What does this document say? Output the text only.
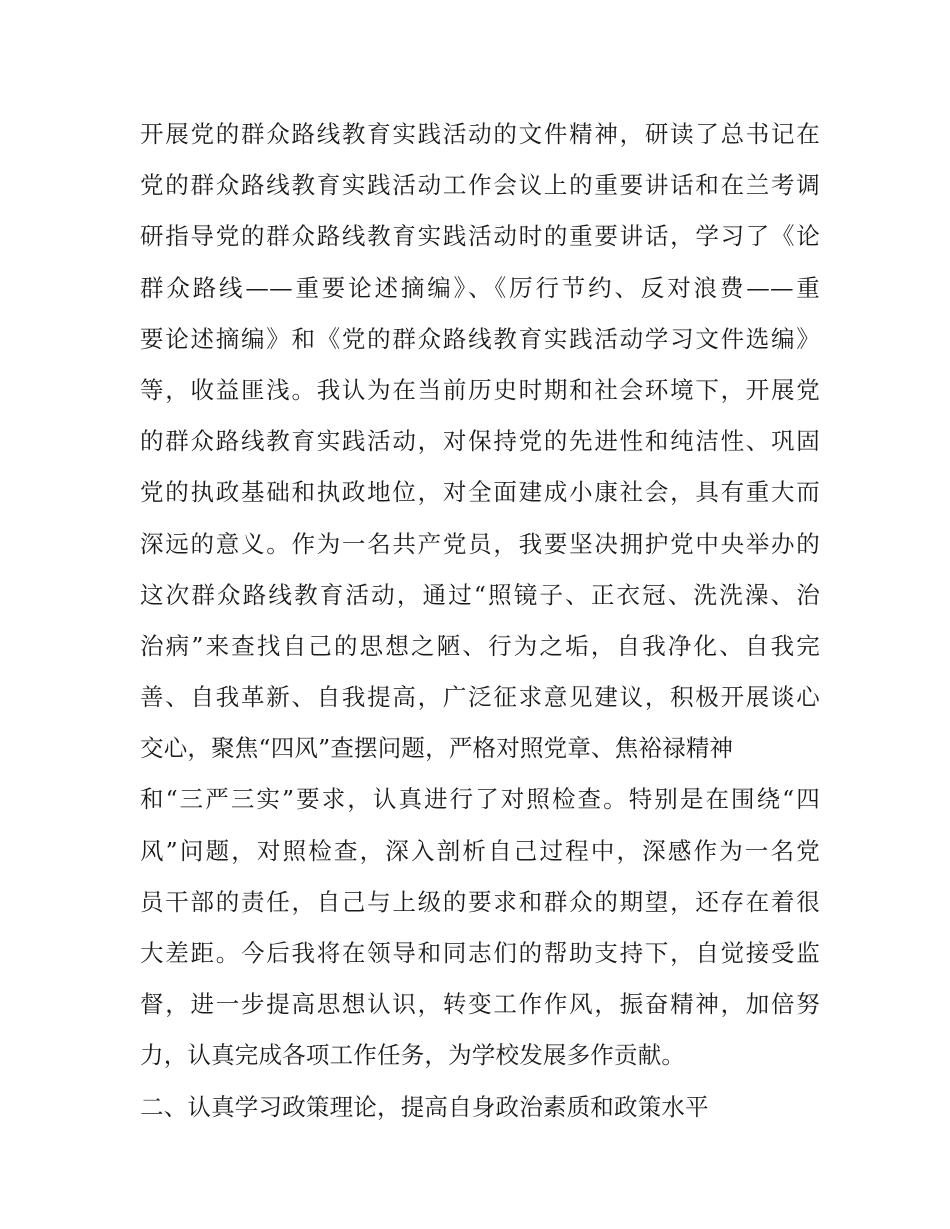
开展党的群众路线教育实践活动的文件精神，研读了总书记在
党的群众路线教育实践活动工作会议上的重要讲话和在兰考调
研指导党的群众路线教育实践活动时的重要讲话，学习了《论
群众路线——重要论述摘编》、《厉行节约、反对浪费——重
要论述摘编》和《党的群众路线教育实践活动学习文件选编》
等，收益匪浅。我认为在当前历史时期和社会环境下，开展党
的群众路线教育实践活动，对保持党的先进性和纯洁性、巩固
党的执政基础和执政地位，对全面建成小康社会，具有重大而
深远的意义。作为一名共产党员，我要坚决拥护党中央举办的
这次群众路线教育活动，通过“照镜子、正衣冠、洗洗澡、治
治病”来查找自己的思想之陋、行为之垢，自我净化、自我完
善、自我革新、自我提高，广泛征求意见建议，积极开展谈心
交心，聚焦“四风”查摆问题，严格对照党章、焦裕禄精神
和“三严三实”要求，认真进行了对照检查。特别是在围绕“四
风”问题，对照检查，深入剖析自己过程中，深感作为一名党
员干部的责任，自己与上级的要求和群众的期望，还存在着很
大差距。今后我将在领导和同志们的帮助支持下，自觉接受监
督，进一步提高思想认识，转变工作作风，振奋精神，加倍努
力，认真完成各项工作任务，为学校发展多作贡献。
二、认真学习政策理论，提高自身政治素质和政策水平
